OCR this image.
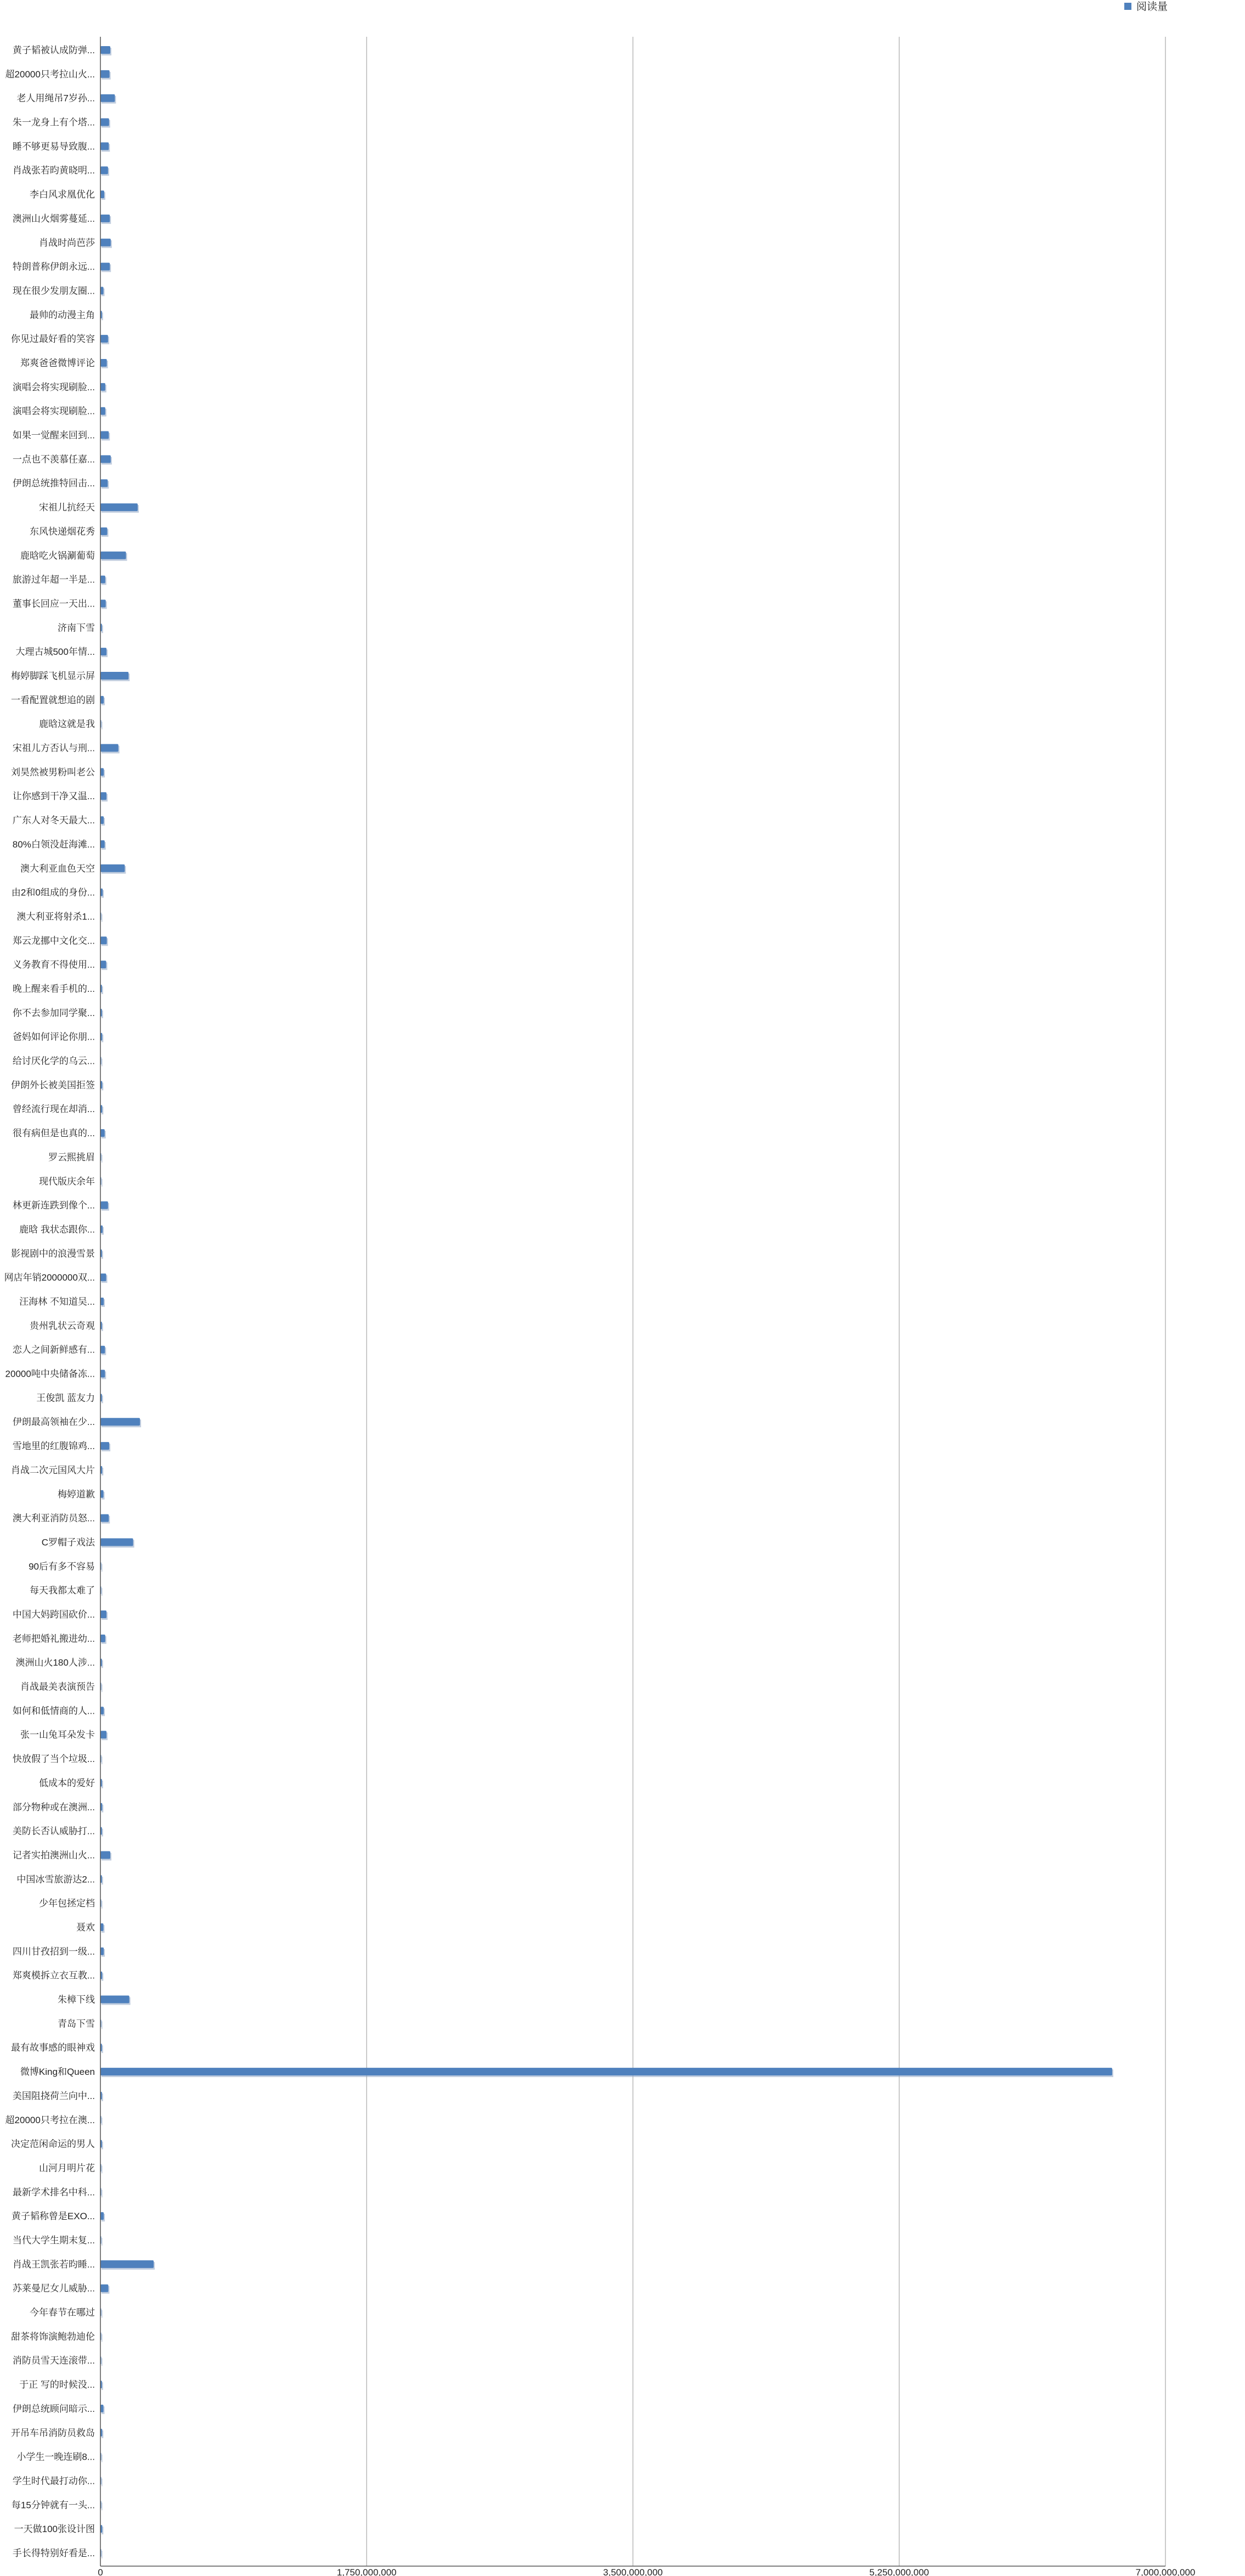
黄子韬被认成防弹...
超20000只考拉山火...
老人用绳吊7岁孙...
朱一龙身上有个塔...
睡不够更易导致腹...
肖战张若昀黄晓明...
李白风求凰优化
澳洲山火烟雾蔓延...
肖战时尚芭莎
特朗普称伊朗永远...
现在很少发朋友圈...
最帅的动漫主角
你见过最好看的笑容
郑爽爸爸微博评论
演唱会将实现刷脸...
演唱会将实现刷脸...
如果一觉醒来回到...
一点也不羡慕任嘉...
伊朗总统推特回击...
宋祖儿抗经天
东风快递烟花秀
鹿晗吃火锅涮葡萄
旅游过年超一半是...
董事长回应一天出...
济南下雪
大理古城500年情...
梅婷脚踩飞机显示屏
一看配置就想追的剧
鹿晗这就是我
宋祖儿方否认与刑...
刘昊然被男粉叫老公
让你感到干净又温...
广东人对冬天最大...
80%白领没赶海滩...
澳大利亚血色天空
由2和0组成的身份...
澳大利亚将射杀1...
郑云龙挪中文化交...
义务教育不得使用...
晚上醒来看手机的...
你不去参加同学聚...
爸妈如何评论你朋...
给讨厌化学的乌云...
伊朗外长被美国拒签
曾经流行现在却消...
很有病但是也真的...
罗云熙挑眉
现代版庆余年
林更新连跌到像个...
鹿晗 我状态跟你...
影视剧中的浪漫雪景
网店年销2000000双...
汪海林 不知道吴...
贵州乳状云奇观
恋人之间新鲜感有...
20000吨中央储备冻...
王俊凯 蓝友力
伊朗最高领袖在少...
雪地里的红腹锦鸡...
肖战二次元国风大片
梅婷道歉
澳大利亚消防员怒...
C罗帽子戏法
90后有多不容易
每天我都太难了
中国大妈跨国砍价...
老师把婚礼搬进幼...
澳洲山火180人涉...
肖战最美表演预告
如何和低情商的人...
张一山兔耳朵发卡
快放假了当个垃圾...
低成本的爱好
部分物种或在澳洲...
美防长否认威胁打...
记者实拍澳洲山火...
中国冰雪旅游达2...
少年包拯定档
聂欢
四川甘孜招到一级...
郑爽模拆立衣互教...
朱樟下线
青岛下雪
最有故事感的眼神戏
微博King和Queen
美国阻挠荷兰向中...
超20000只考拉在澳...
决定范闲命运的男人
山河月明片花
最新学术排名中科...
黄子韬称曾是EXO...
当代大学生期末复...
肖战王凯张若昀睡...
苏莱曼尼女儿威胁...
今年春节在哪过
甜茶将饰演鲍勃迪伦
消防员雪天连滚带...
于正 写的时候没...
伊朗总统顾问暗示...
开吊车吊消防员救岛
小学生一晚连刷8...
学生时代最打动你...
每15分钟就有一头...
一天做100张设计图
手长得特别好看是...
0	1,750,000,000	3,500,000,000	5,250,000,000	7,000,000,000
阅读量
